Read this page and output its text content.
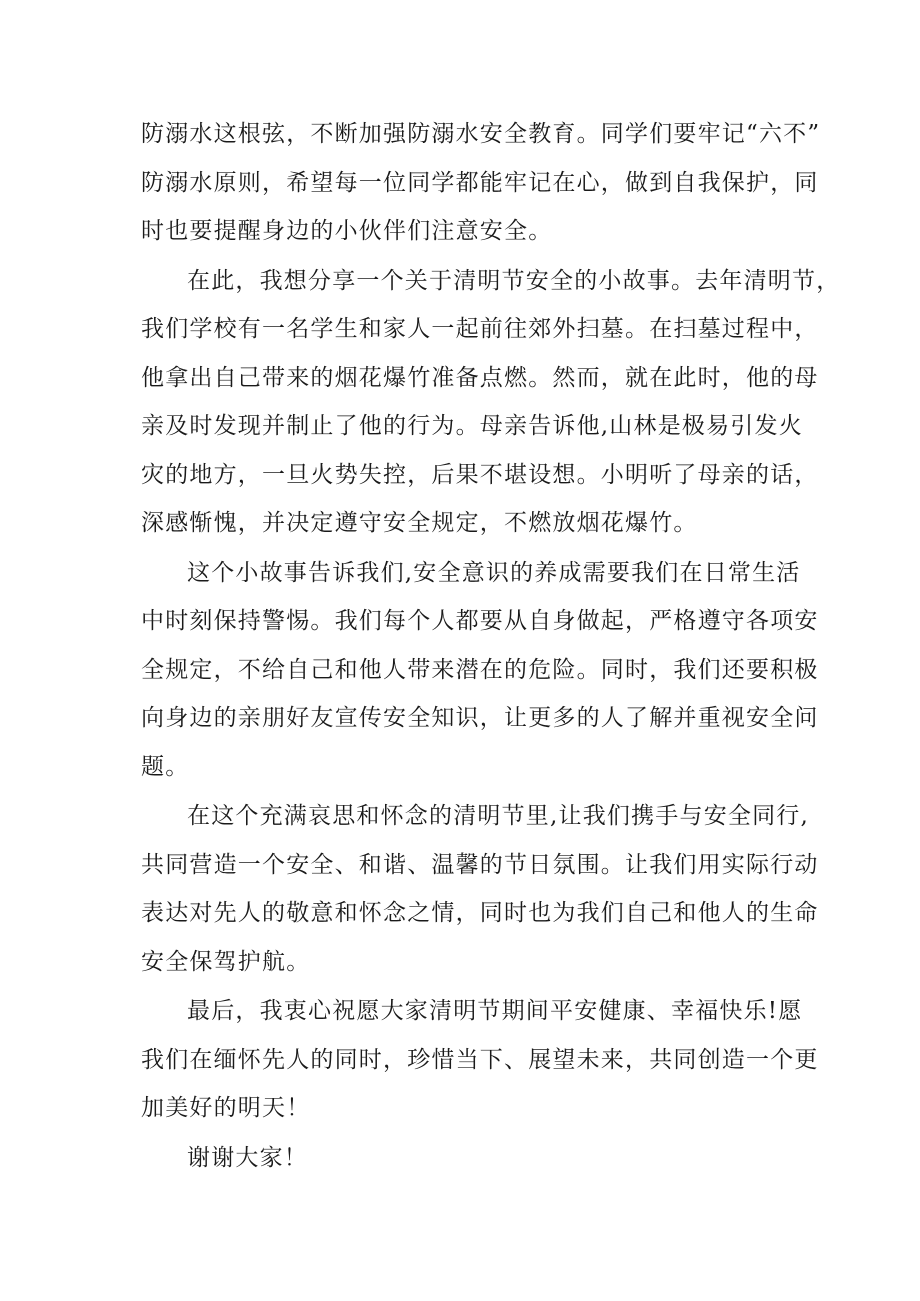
防溺水这根弦，不断加强防溺水安全教育。同学们要牢记“六不”
防溺水原则，希望每一位同学都能牢记在心，做到自我保护，同
时也要提醒身边的小伙伴们注意安全。

在此，我想分享一个关于清明节安全的小故事。去年清明节，
我们学校有一名学生和家人一起前往郊外扫墓。在扫墓过程中，
他拿出自己带来的烟花爆竹准备点燃。然而，就在此时，他的母
亲及时发现并制止了他的行为。母亲告诉他,山林是极易引发火
灾的地方，一旦火势失控，后果不堪设想。小明听了母亲的话，
深感惭愧，并决定遵守安全规定，不燃放烟花爆竹。

这个小故事告诉我们,安全意识的养成需要我们在日常生活
中时刻保持警惕。我们每个人都要从自身做起，严格遵守各项安
全规定，不给自己和他人带来潜在的危险。同时，我们还要积极
向身边的亲朋好友宣传安全知识，让更多的人了解并重视安全问
题。

在这个充满哀思和怀念的清明节里,让我们携手与安全同行,
共同营造一个安全、和谐、温馨的节日氛围。让我们用实际行动
表达对先人的敬意和怀念之情，同时也为我们自己和他人的生命
安全保驾护航。

最后，我衷心祝愿大家清明节期间平安健康、幸福快乐!愿
我们在缅怀先人的同时，珍惜当下、展望未来，共同创造一个更
加美好的明天！

谢谢大家！
